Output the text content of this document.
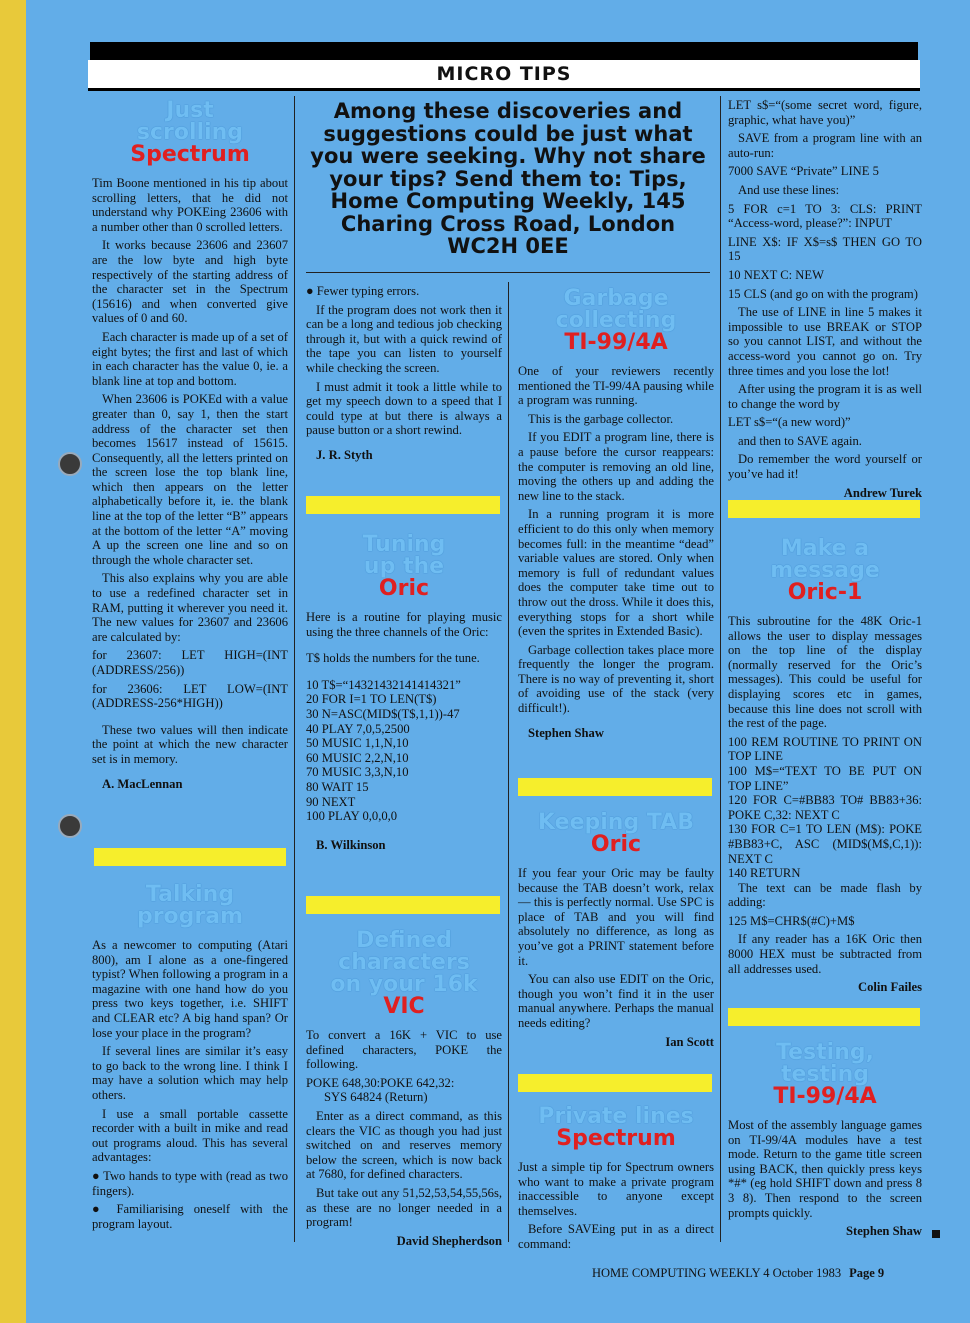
MICRO TIPS
Among these discoveries and suggestions could be just what you were seeking. Why not share your tips? Send them to: Tips, Home Computing Weekly, 145 Charing Cross Road, London WC2H 0EE
Just
scrolling
Spectrum

Tim Boone mentioned in his tip about scrolling letters, that he did not understand why POKEing 23606 with a number other than 0 scrolled letters.

It works because 23606 and 23607 are the low byte and high byte respectively of the starting address of the character set in the Spectrum (15616) and when converted give values of 0 and 60.

Each character is made up of a set of eight bytes; the first and last of which in each character has the value 0, ie. a blank line at top and bottom.

When 23606 is POKEd with a value greater than 0, say 1, then the start address of the character set then becomes 15617 instead of 15615. Consequently, all the letters printed on the screen lose the top blank line, which then appears on the letter alphabetically before it, ie. the blank line at the top of the letter “B” appears at the bottom of the letter “A” moving A up the screen one line and so on through the whole character set.

This also explains why you are able to use a redefined character set in RAM, putting it wherever you need it. The new values for 23607 and 23606 are calculated by:

for 23607: LET HIGH=(INT (ADDRESS/256))

for 23606: LET LOW=(INT (ADDRESS-256*HIGH))

These two values will then indicate the point at which the new character set is in memory.

A. MacLennan

Talking
program

As a newcomer to computing (Atari 800), am I alone as a one-fingered typist? When following a program in a magazine with one hand how do you press two keys together, i.e. SHIFT and CLEAR etc? A big hand span? Or lose your place in the program?

If several lines are similar it’s easy to go back to the wrong line. I think I may have a solution which may help others.

I use a small portable cassette recorder with a built in mike and read out programs aloud. This has several advantages:

● Two hands to type with (read as two fingers).

● Familiarising oneself with the program layout.

● Fewer typing errors.

If the program does not work then it can be a long and tedious job checking through it, but with a quick rewind of the tape you can listen to yourself while checking the screen.

I must admit it took a little while to get my speech down to a speed that I could type at but there is always a pause button or a short rewind.

J. R. Styth

Tuning
up the
Oric

Here is a routine for playing music using the three channels of the Oric:

T$ holds the numbers for the tune.

10 T$=“14321432141414321”
20 FOR I=1 TO LEN(T$)
30 N=ASC(MID$(T$,1,1))-47
40 PLAY 7,0,5,2500
50 MUSIC 1,1,N,10
60 MUSIC 2,2,N,10
70 MUSIC 3,3,N,10
80 WAIT 15
90 NEXT
100 PLAY 0,0,0,0

B. Wilkinson

Defined
characters
on your 16k
VIC

To convert a 16K + VIC to use defined characters, POKE the following.

POKE 648,30:POKE 642,32:

SYS 64824 (Return)

Enter as a direct command, as this clears the VIC as though you had just switched on and reserves memory below the screen, which is now back at 7680, for defined characters.

But take out any 51,52,53,54,55,56s, as these are no longer needed in a program!

David Shepherdson

Garbage
collecting
TI-99/4A

One of your reviewers recently mentioned the TI-99/4A pausing while a program was running.

This is the garbage collector.

If you EDIT a program line, there is a pause before the cursor reappears: the computer is removing an old line, moving the others up and adding the new line to the stack.

In a running program it is more efficient to do this only when memory becomes full: in the meantime “dead” variable values are stored. Only when memory is full of redundant values does the computer take time out to throw out the dross. While it does this, everything stops for a short while (even the sprites in Extended Basic).

Garbage collection takes place more frequently the longer the program. There is no way of preventing it, short of avoiding use of the stack (very difficult!).

Stephen Shaw

Keeping TAB
Oric

If you fear your Oric may be faulty because the TAB doesn’t work, relax — this is perfectly normal. Use SPC is place of TAB and you will find absolutely no difference, as long as you’ve got a PRINT statement before it.

You can also use EDIT on the Oric, though you won’t find it in the user manual anywhere. Perhaps the manual needs editing?

Ian Scott

Private lines
Spectrum

Just a simple tip for Spectrum owners who want to make a private program inaccessible to anyone except themselves.

Before SAVEing put in as a direct command:

LET s$=“(some secret word, figure, graphic, what have you)”

SAVE from a program line with an auto-run:

7000 SAVE “Private” LINE 5

And use these lines:

5 FOR c=1 TO 3: CLS: PRINT “Access-word, please?”: INPUT

LINE X$: IF X$=s$ THEN GO TO 15

10 NEXT C: NEW

15 CLS (and go on with the program)

The use of LINE in line 5 makes it impossible to use BREAK or STOP so you cannot LIST, and without the access-word you cannot go on. Try three times and you lose the lot!

After using the program it is as well to change the word by

LET s$=“(a new word)”

and then to SAVE again.

Do remember the word yourself or you’ve had it!

Andrew Turek

Make a
message
Oric-1

This subroutine for the 48K Oric-1 allows the user to display messages on the top line of the display (normally reserved for the Oric’s messages). This could be useful for displaying scores etc in games, because this line does not scroll with the rest of the page.

100 REM ROUTINE TO PRINT ON TOP LINE
100 M$=“TEXT TO BE PUT ON TOP LINE”
120 FOR C=#BB83 TO# BB83+36: POKE C,32: NEXT C
130 FOR C=1 TO LEN (M$): POKE #BB83+C, ASC (MID$(M$,C,1)): NEXT C
140 RETURN

The text can be made flash by adding:

125 M$=CHR$(#C)+M$

If any reader has a 16K Oric then 8000 HEX must be subtracted from all addresses used.

Colin Failes

Testing,
testing
TI-99/4A

Most of the assembly language games on TI-99/4A modules have a test mode. Return to the game title screen using BACK, then quickly press keys *#* (eg hold SHIFT down and press 8 3 8). Then respond to the screen prompts quickly.

Stephen Shaw

HOME COMPUTING WEEKLY 4 October 1983 Page 9
